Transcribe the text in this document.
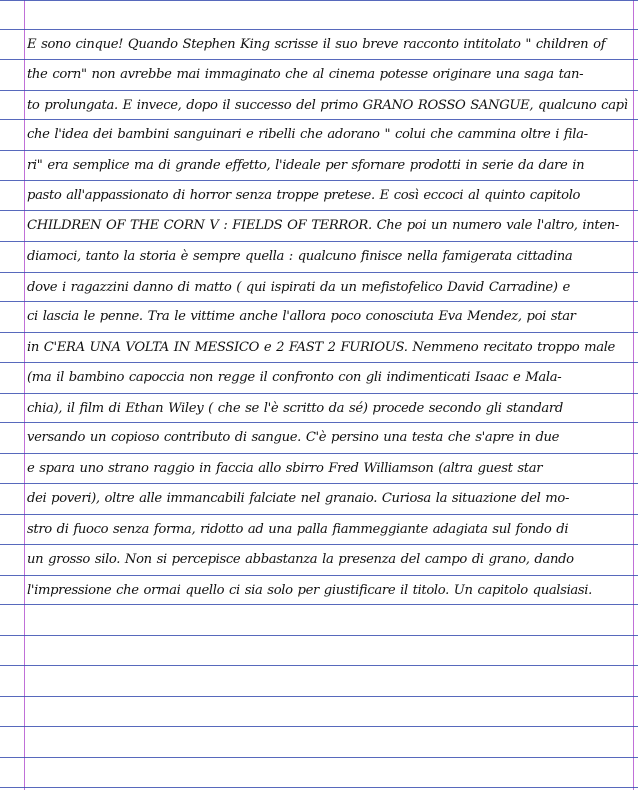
E sono cinque! Quando Stephen King scrisse il suo breve racconto intitolato " children of
the corn" non avrebbe mai immaginato che al cinema potesse originare una saga tan-
to prolungata. E invece, dopo il successo del primo GRANO ROSSO SANGUE, qualcuno capì
che l'idea dei bambini sanguinari e ribelli che adorano " colui che cammina oltre i fila-
ri" era semplice ma di grande effetto, l'ideale per sfornare prodotti in serie da dare in
pasto all'appassionato di horror senza troppe pretese. E così eccoci al quinto capitolo
CHILDREN OF THE CORN V : FIELDS OF TERROR. Che poi un numero vale l'altro, inten-
diamoci, tanto la storia è sempre quella : qualcuno finisce nella famigerata cittadina
dove i ragazzini danno di matto ( qui ispirati da un mefistofelico David Carradine) e
ci lascia le penne. Tra le vittime anche l'allora poco conosciuta Eva Mendez, poi star
in C'ERA UNA VOLTA IN MESSICO e 2 FAST 2 FURIOUS. Nemmeno recitato troppo male
(ma il bambino capoccia non regge il confronto con gli indimenticati Isaac e Mala-
chia), il film di Ethan Wiley ( che se l'è scritto da sé) procede secondo gli standard
versando un copioso contributo di sangue. C'è persino una testa che s'apre in due
e spara uno strano raggio in faccia allo sbirro Fred Williamson (altra guest star
dei poveri), oltre alle immancabili falciate nel granaio. Curiosa la situazione del mo-
stro di fuoco senza forma, ridotto ad una palla fiammeggiante adagiata sul fondo di
un grosso silo. Non si percepisce abbastanza la presenza del campo di grano, dando
l'impressione che ormai quello ci sia solo per giustificare il titolo. Un capitolo qualsiasi.
